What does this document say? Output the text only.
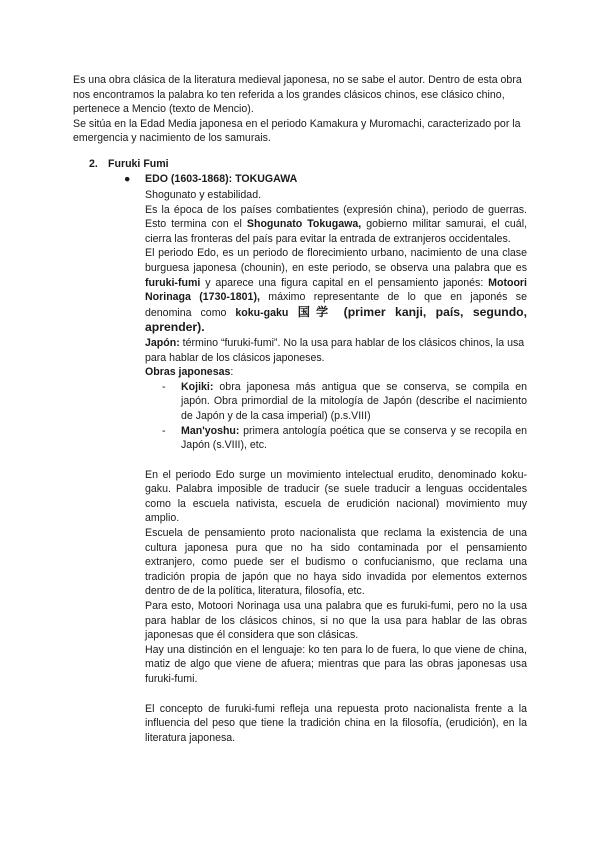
Es una obra clásica de la literatura medieval japonesa, no se sabe el autor. Dentro de esta obra nos encontramos la palabra ko ten referida a los grandes clásicos chinos, ese clásico chino, pertenece a Mencio (texto de Mencio).

Se sitúa en la Edad Media japonesa en el periodo Kamakura y Muromachi, caracterizado por la emergencia y nacimiento de los samurais.

2. Furuki Fumi
● EDO (1603-1868): TOKUGAWA

Shogunato y estabilidad.

Es la época de los países combatientes (expresión china), periodo de guerras. Esto termina con el Shogunato Tokugawa, gobierno militar samurai, el cuál, cierra las fronteras del país para evitar la entrada de extranjeros occidentales.

El periodo Edo, es un periodo de florecimiento urbano, nacimiento de una clase burguesa japonesa (chounin), en este periodo, se observa una palabra que es furuki-fumi y aparece una figura capital en el pensamiento japonés: Motoori Norinaga (1730-1801), máximo representante de lo que en japonés se denomina como koku-gaku 国学 (primer kanji, país, segundo, aprender).

Japón: término “furuki-fumi”. No la usa para hablar de los clásicos chinos, la usa para hablar de los clásicos japoneses.

Obras japonesas:

- Kojiki: obra japonesa más antigua que se conserva, se compila en japón. Obra primordial de la mitología de Japón (describe el nacimiento de Japón y de la casa imperial) (p.s.VIII)
- Man'yoshu: primera antología poética que se conserva y se recopila en Japón (s.VIII), etc.

En el periodo Edo surge un movimiento intelectual erudito, denominado koku-gaku. Palabra imposible de traducir (se suele traducir a lenguas occidentales como la escuela nativista, escuela de erudición nacional) movimiento muy amplio.

Escuela de pensamiento proto nacionalista que reclama la existencia de una cultura japonesa pura que no ha sido contaminada por el pensamiento extranjero, como puede ser el budismo o confucianismo, que reclama una tradición propia de japón que no haya sido invadida por elementos externos dentro de de la política, literatura, filosofía, etc.

Para esto, Motoori Norinaga usa una palabra que es furuki-fumi, pero no la usa para hablar de los clásicos chinos, si no que la usa para hablar de las obras japonesas que él considera que son clásicas.

Hay una distinción en el lenguaje: ko ten para lo de fuera, lo que viene de china, matiz de algo que viene de afuera; mientras que para las obras japonesas usa furuki-fumi.

El concepto de furuki-fumi refleja una repuesta proto nacionalista frente a la influencia del peso que tiene la tradición china en la filosofía, (erudición), en la literatura japonesa.
